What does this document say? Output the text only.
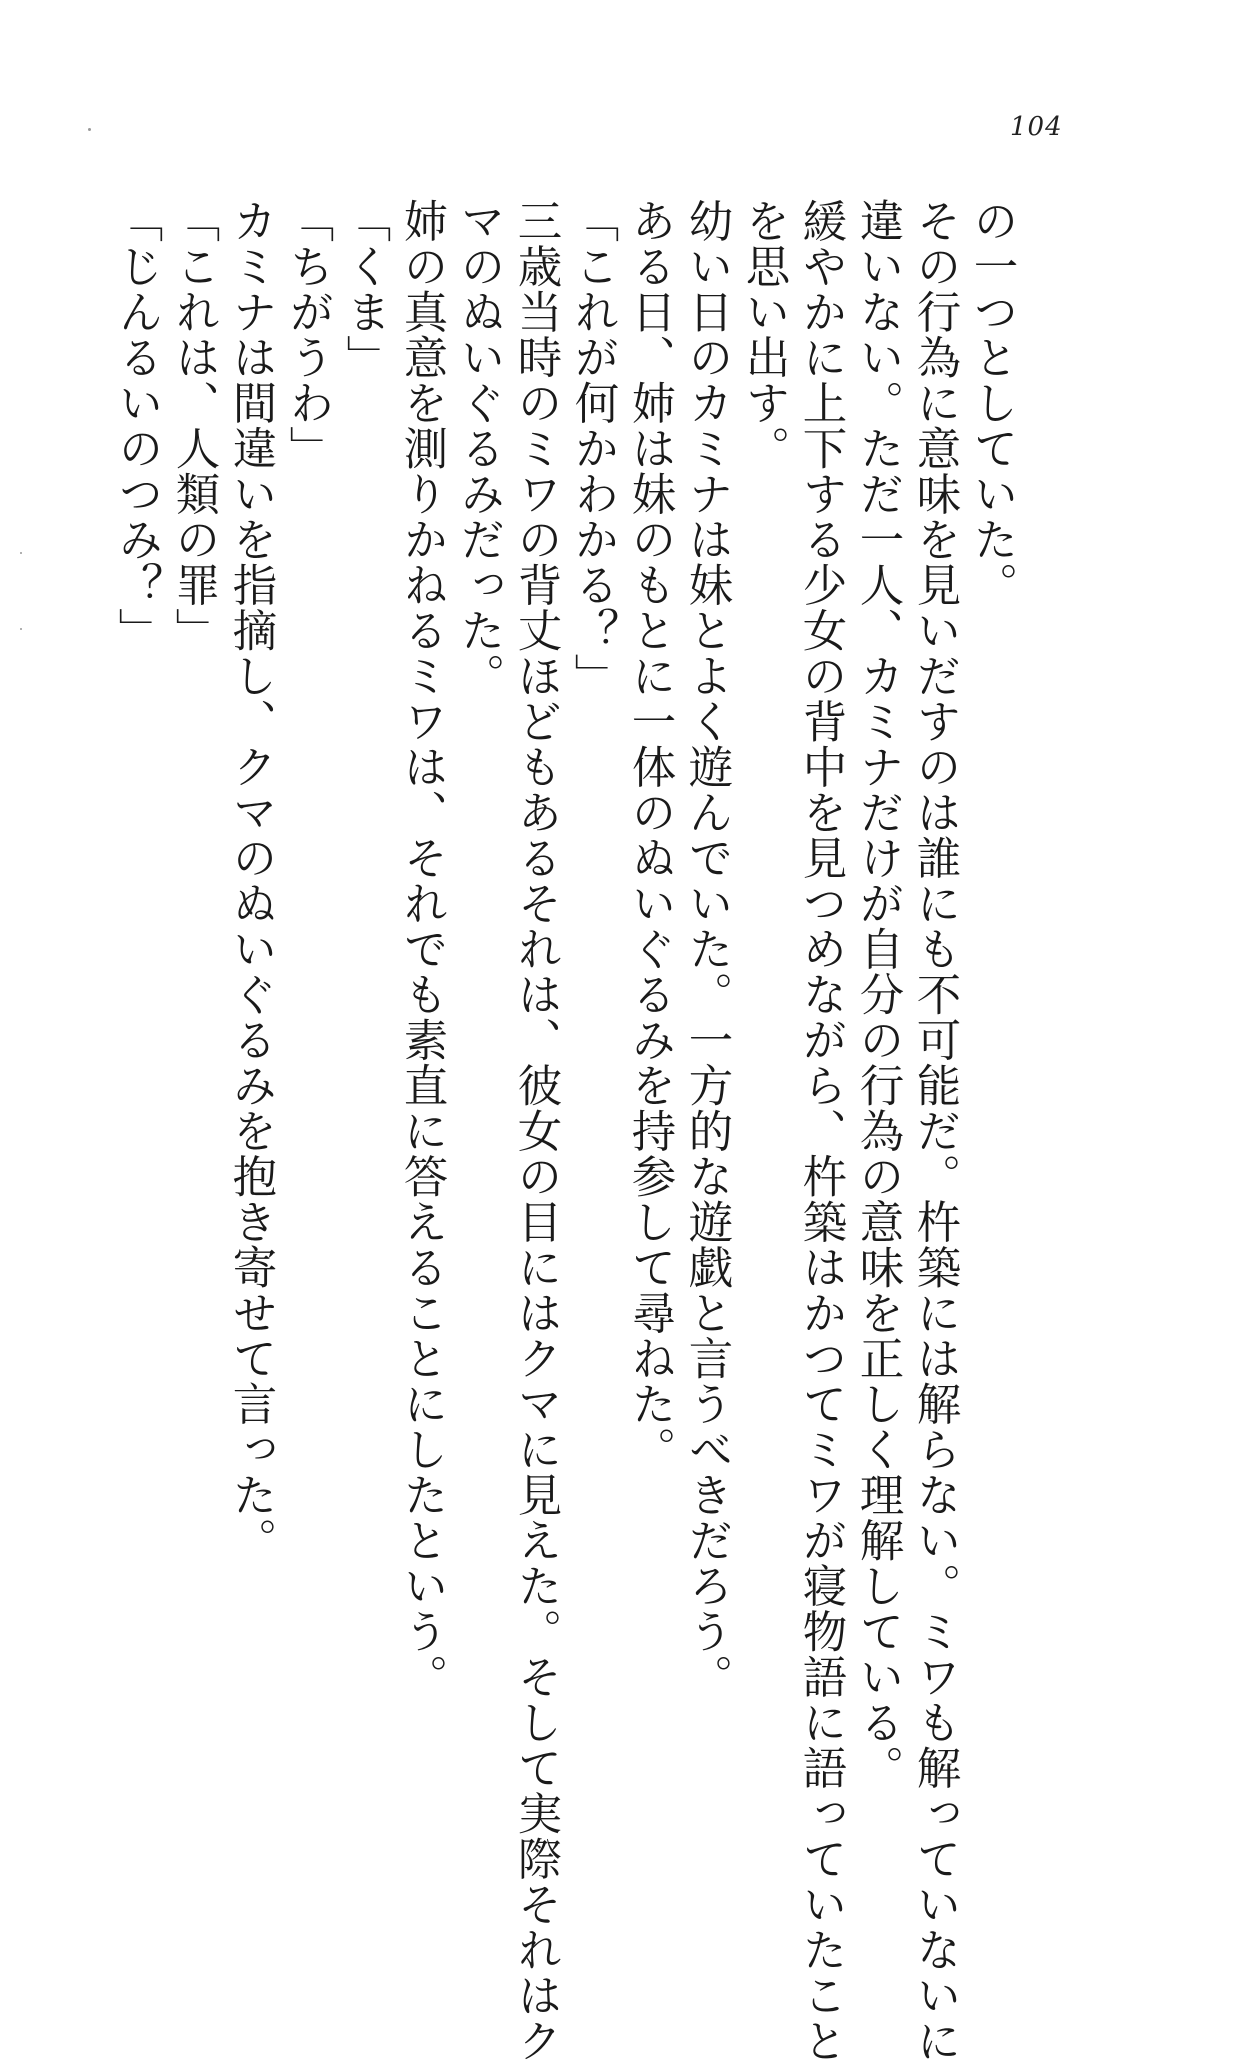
104
の一つとしていた。
その行為に意味を見いだすのは誰にも不可能だ。杵築には解らない。ミワも解っていないに
違いない。ただ一人、カミナだけが自分の行為の意味を正しく理解している。
緩やかに上下する少女の背中を見つめながら、杵築はかつてミワが寝物語に語っていたこと
を思い出す。
幼い日のカミナは妹とよく遊んでいた。一方的な遊戯と言うべきだろう。
ある日、姉は妹のもとに一体のぬいぐるみを持参して尋ねた。
「これが何かわかる？」
三歳当時のミワの背丈ほどもあるそれは、彼女の目にはクマに見えた。そして実際それはク
マのぬいぐるみだった。
姉の真意を測りかねるミワは、それでも素直に答えることにしたという。
「くま」
「ちがうわ」
カミナは間違いを指摘し、クマのぬいぐるみを抱き寄せて言った。
「これは、人類の罪」
「じんるいのつみ？」
